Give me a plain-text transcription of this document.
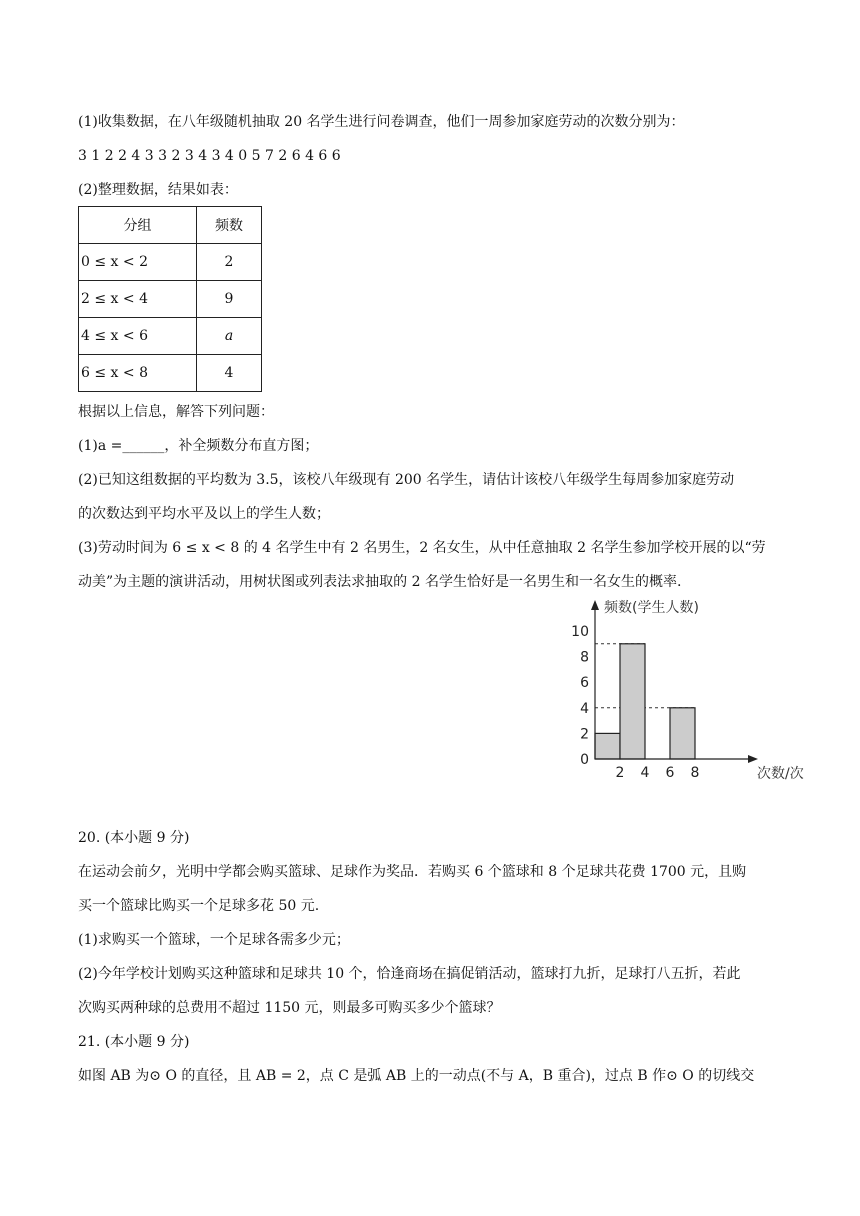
(1)收集数据，在八年级随机抽取 20 名学生进行问卷调查，他们一周参加家庭劳动的次数分别为：
3 1 2 2 4 3 3 2 3 4 3 4 0 5 7 2 6 4 6 6
(2)整理数据，结果如表：
分组	频数
0 ≤ x < 2	2
2 ≤ x < 4	9
4 ≤ x < 6	a
6 ≤ x < 8	4
根据以上信息，解答下列问题：
(1)a =______，补全频数分布直方图；
(2)已知这组数据的平均数为 3.5，该校八年级现有 200 名学生，请估计该校八年级学生每周参加家庭劳动
的次数达到平均水平及以上的学生人数；
(3)劳动时间为 6 ≤ x < 8 的 4 名学生中有 2 名男生，2 名女生，从中任意抽取 2 名学生参加学校开展的以“劳
动美”为主题的演讲活动，用树状图或列表法求抽取的 2 名学生恰好是一名男生和一名女生的概率.
0
2
4
6
8
10
2 4 6 8
频数(学生人数)
次数/次
20. (本小题 9 分)
在运动会前夕，光明中学都会购买篮球、足球作为奖品．若购买 6 个篮球和 8 个足球共花费 1700 元，且购
买一个篮球比购买一个足球多花 50 元.
(1)求购买一个篮球，一个足球各需多少元；
(2)今年学校计划购买这种篮球和足球共 10 个，恰逢商场在搞促销活动，篮球打九折，足球打八五折，若此
次购买两种球的总费用不超过 1150 元，则最多可购买多少个篮球？
21. (本小题 9 分)
如图 AB 为⊙ O 的直径，且 AB = 2，点 C 是弧 AB 上的一动点(不与 A，B 重合)，过点 B 作⊙ O 的切线交
